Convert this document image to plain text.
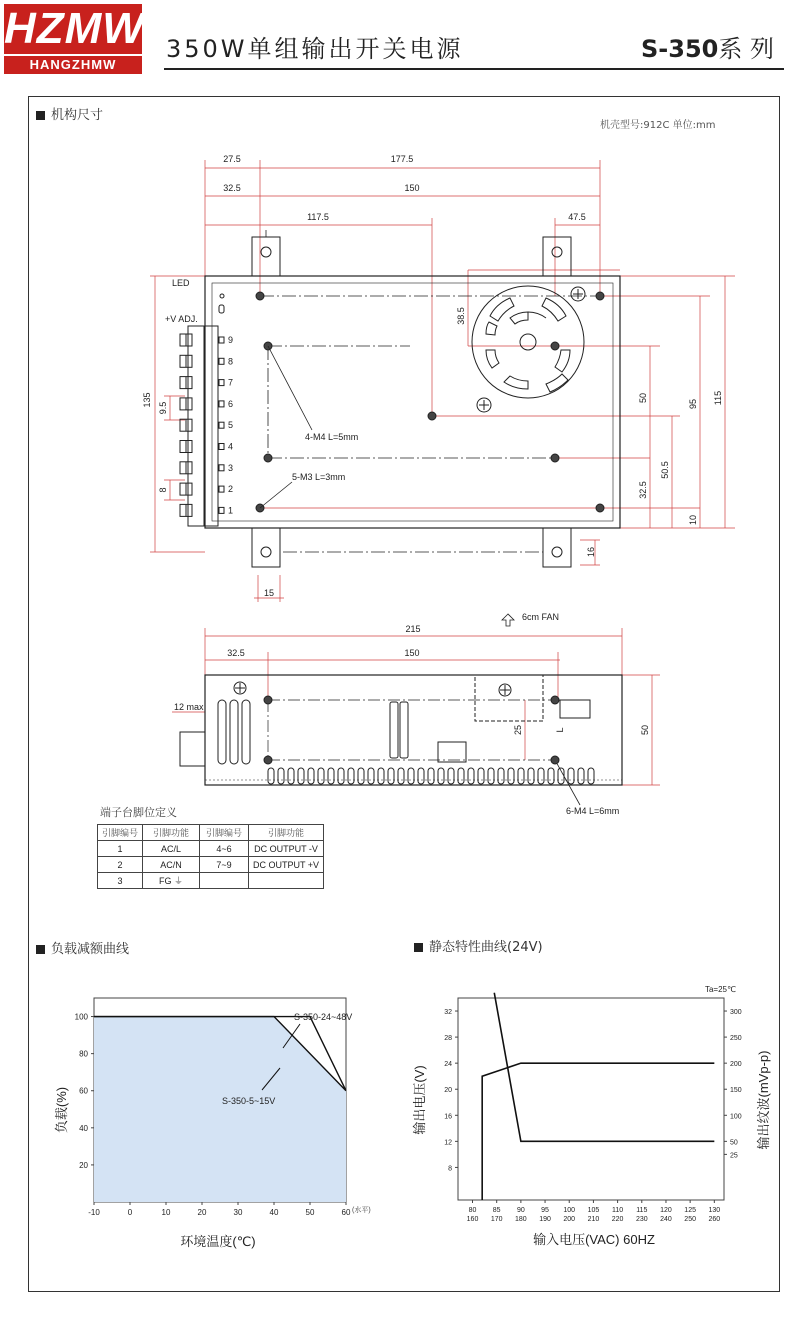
HZMW
HANGZHMW
350W单组输出开关电源	S-350系 列
机构尺寸
机壳型号:912C 单位:mm
27.5	177.5
32.5	150
117.5	47.5
38.5
50
95 115
50.5
32.5
10
16
135
9.5
8
15
LED
+V ADJ.
4-M4 L=5mm
5-M3 L=3mm
6cm FAN
215
32.5	150
12 max
25	L	50
6-M4 L=6mm
9
8
7
6
5
4
3
2
1
端子台脚位定义
引脚编号	引脚功能	引脚编号	引脚功能
1	AC/L	4~6	DC OUTPUT -V
2	AC/N	7~9	DC OUTPUT +V
3	FG ⏚		
负载减额曲线	静态特性曲线(24V)
-10	0	10	20	30	40	50	60
20
40
60
80
100	S-350-24~48V
S-350-5~15V
(水平)
环境温度(℃)
负载(%)
80
160
85
170
90
180
95
190
100
200
105
210
110
220
115
230
120
240
125
250
130
260
8
12
16
20
24
28
32
25
50
100
150
200
250
300
Ta=25℃
输入电压(VAC) 60HZ
输出电压(V)	输出纹波(mVp-p)
